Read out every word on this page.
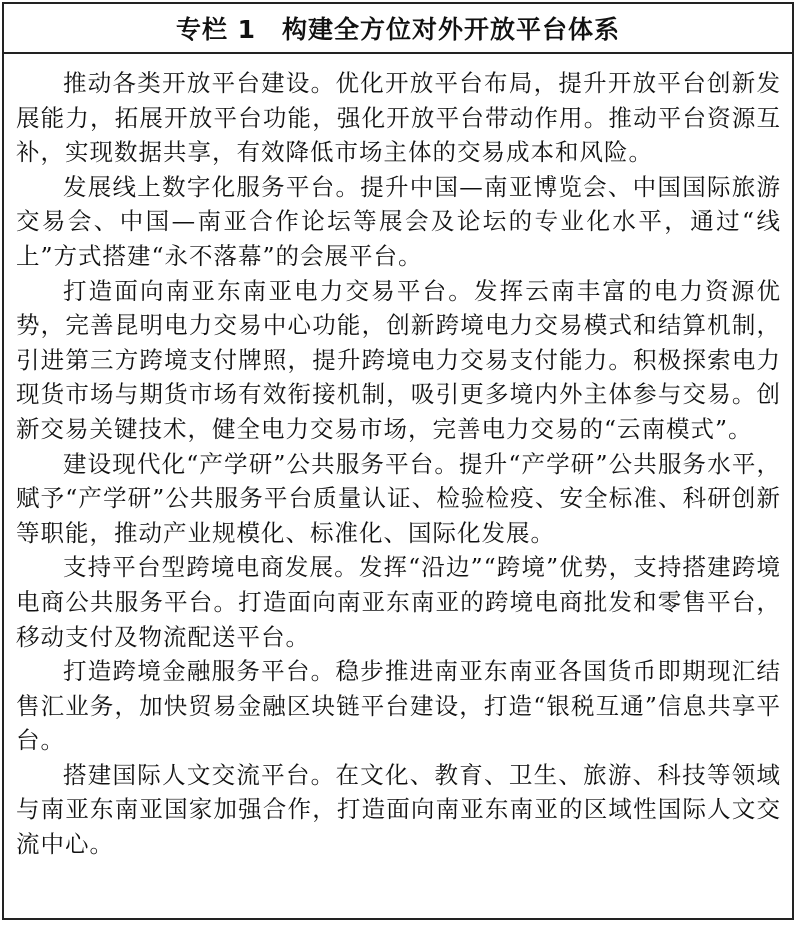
专栏 1 构建全方位对外开放平台体系

推动各类开放平台建设。优化开放平台布局，提升开放平台创新发展能力，拓展开放平台功能，强化开放平台带动作用。推动平台资源互补，实现数据共享，有效降低市场主体的交易成本和风险。

发展线上数字化服务平台。提升中国—南亚博览会、中国国际旅游交易会、中国—南亚合作论坛等展会及论坛的专业化水平，通过“线上”方式搭建“永不落幕”的会展平台。

打造面向南亚东南亚电力交易平台。发挥云南丰富的电力资源优势，完善昆明电力交易中心功能，创新跨境电力交易模式和结算机制，引进第三方跨境支付牌照，提升跨境电力交易支付能力。积极探索电力现货市场与期货市场有效衔接机制，吸引更多境内外主体参与交易。创新交易关键技术，健全电力交易市场，完善电力交易的“云南模式”。

建设现代化“产学研”公共服务平台。提升“产学研”公共服务水平，赋予“产学研”公共服务平台质量认证、检验检疫、安全标准、科研创新等职能，推动产业规模化、标准化、国际化发展。

支持平台型跨境电商发展。发挥“沿边”“跨境”优势，支持搭建跨境电商公共服务平台。打造面向南亚东南亚的跨境电商批发和零售平台，移动支付及物流配送平台。

打造跨境金融服务平台。稳步推进南亚东南亚各国货币即期现汇结售汇业务，加快贸易金融区块链平台建设，打造“银税互通”信息共享平台。

搭建国际人文交流平台。在文化、教育、卫生、旅游、科技等领域与南亚东南亚国家加强合作，打造面向南亚东南亚的区域性国际人文交流中心。
